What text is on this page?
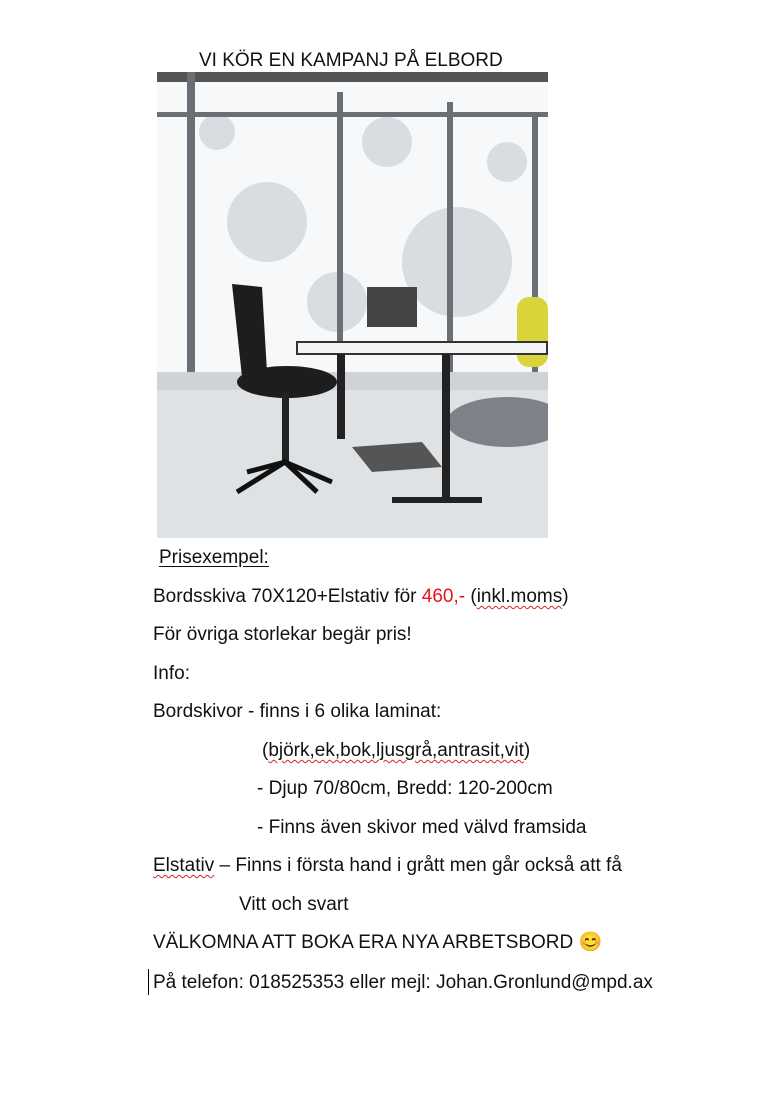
VI KÖR EN KAMPANJ PÅ ELBORD
Prisexempel:
Bordsskiva 70X120+Elstativ för 460,- (inkl.moms)
För övriga storlekar begär pris!
Info:
Bordskivor - finns i 6 olika laminat:
(björk,ek,bok,ljusgrå,antrasit,vit)
- Djup 70/80cm, Bredd: 120-200cm
- Finns även skivor med välvd framsida
Elstativ – Finns i första hand i grått men går också att få
Vitt och svart
VÄLKOMNA ATT BOKA ERA NYA ARBETSBORD 😊
På telefon: 018525353 eller mejl: Johan.Gronlund@mpd.ax
